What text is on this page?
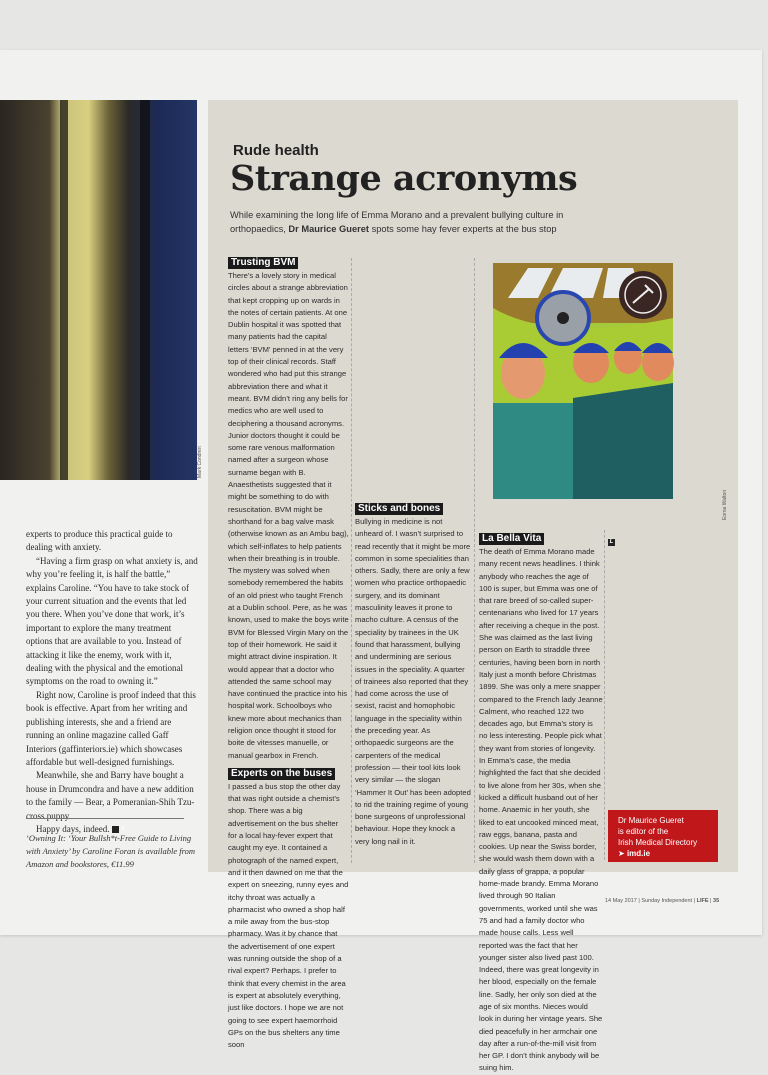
Mark Condren

experts to produce this practical guide to dealing with anxiety.

“Having a firm grasp on what anxiety is, and why you’re feeling it, is half the battle,” explains Caroline. “You have to take stock of your current situation and the events that led you there. When you’ve done that work, it’s important to explore the many treatment options that are available to you. Instead of attacking it like the enemy, work with it, dealing with the physical and the emotional symptoms on the road to owning it.”

Right now, Caroline is proof indeed that this book is effective. Apart from her writing and publishing interests, she and a friend are running an online magazine called Gaff Interiors (gaffinteriors.ie) which showcases affordable but well-designed furnishings.

Meanwhile, she and Barry have bought a house in Drumcondra and have a new addition to the family — Bear, a Pomeranian-Shih Tzu-cross puppy.

Happy days, indeed. L

‘Owning It: ‘Your Bullsh*t-Free Guide to Living with Anxiety’ by Caroline Foran is available from Amazon and bookstores, €11.99
Rude health
Strange acronyms
While examining the long life of Emma Morano and a prevalent bullying culture in orthopaedics, Dr Maurice Gueret spots some hay fever experts at the bus stop
Trusting BVM
There’s a lovely story in medical circles about a strange abbreviation that kept cropping up on wards in the notes of certain patients. At one Dublin hospital it was spotted that many patients had the capital letters ‘BVM’ penned in at the very top of their clinical records. Staff wondered who had put this strange abbreviation there and what it meant. BVM didn’t ring any bells for medics who are well used to deciphering a thousand acronyms. Junior doctors thought it could be some rare venous malformation named after a surgeon whose surname began with B. Anaesthetists suggested that it might be something to do with resuscitation. BVM might be shorthand for a bag valve mask (otherwise known as an Ambu bag), which self-inflates to help patients when their breathing is in trouble. The mystery was solved when somebody remembered the habits of an old priest who taught French at a Dublin school. Pere, as he was known, used to make the boys write BVM for Blessed Virgin Mary on the top of their homework. He said it might attract divine inspiration. It would appear that a doctor who attended the same school may have continued the practice into his hospital work. Schoolboys who knew more about mechanics than religion once thought it stood for boite de vitesses manuelle, or manual gearbox in French.
Experts on the buses
I passed a bus stop the other day that was right outside a chemist’s shop. There was a big advertisement on the bus shelter for a local hay-fever expert that caught my eye. It contained a photograph of the named expert, and it then dawned on me that the expert on sneezing, runny eyes and itchy throat was actually a pharmacist who owned a shop half a mile away from the bus-stop pharmacy. Was it by chance that the advertisement of one expert was running outside the shop of a rival expert? Perhaps. I prefer to think that every chemist in the area is expert at absolutely everything, just like doctors. I hope we are not going to see expert haemorrhoid GPs on the bus shelters any time soon
Sticks and bones
Bullying in medicine is not unheard of. I wasn’t surprised to read recently that it might be more common in some specialities than others. Sadly, there are only a few women who practice orthopaedic surgery, and its dominant masculinity leaves it prone to macho culture. A census of the speciality by trainees in the UK found that harassment, bullying and undermining are serious issues in the speciality. A quarter of trainees also reported that they had come across the use of sexist, racist and homophobic language in the speciality within the preceding year. As orthopaedic surgeons are the carpenters of the medical profession — their tool kits look very similar — the slogan ‘Hammer It Out’ has been adopted to rid the training regime of young bone surgeons of unprofessional behaviour. Hope they knock a very long nail in it.
Eorna Walton
La Bella Vita
The death of Emma Morano made many recent news headlines. I think anybody who reaches the age of 100 is super, but Emma was one of that rare breed of so-called super-centenarians who lived for 17 years after receiving a cheque in the post. She was claimed as the last living person on Earth to straddle three centuries, having been born in north Italy just a month before Christmas 1899. She was only a mere snapper compared to the French lady Jeanne Calment, who reached 122 two decades ago, but Emma’s story is no less interesting. People pick what they want from stories of longevity. In Emma’s case, the media highlighted the fact that she decided to live alone from her 30s, when she kicked a difficult husband out of her home. Anaemic in her youth, she liked to eat uncooked minced meat, raw eggs, banana, pasta and cookies. Up near the Swiss border, she would wash them down with a daily glass of grappa, a popular home-made brandy. Emma Morano lived through 90 Italian governments, worked until she was 75 and had a family doctor who made house calls. Less well reported was the fact that her younger sister also lived past 100. Indeed, there was great longevity in her blood, especially on the female line. Sadly, her only son died at the age of six months. Nieces would look in during her vintage years. She died peacefully in her armchair one day after a run-of-the-mill visit from her GP. I don’t think anybody will be suing him.
L
Dr Maurice Gueret
is editor of the
Irish Medical Directory
➤ imd.ie
14 May 2017 | Sunday Independent | LIFE | 35
